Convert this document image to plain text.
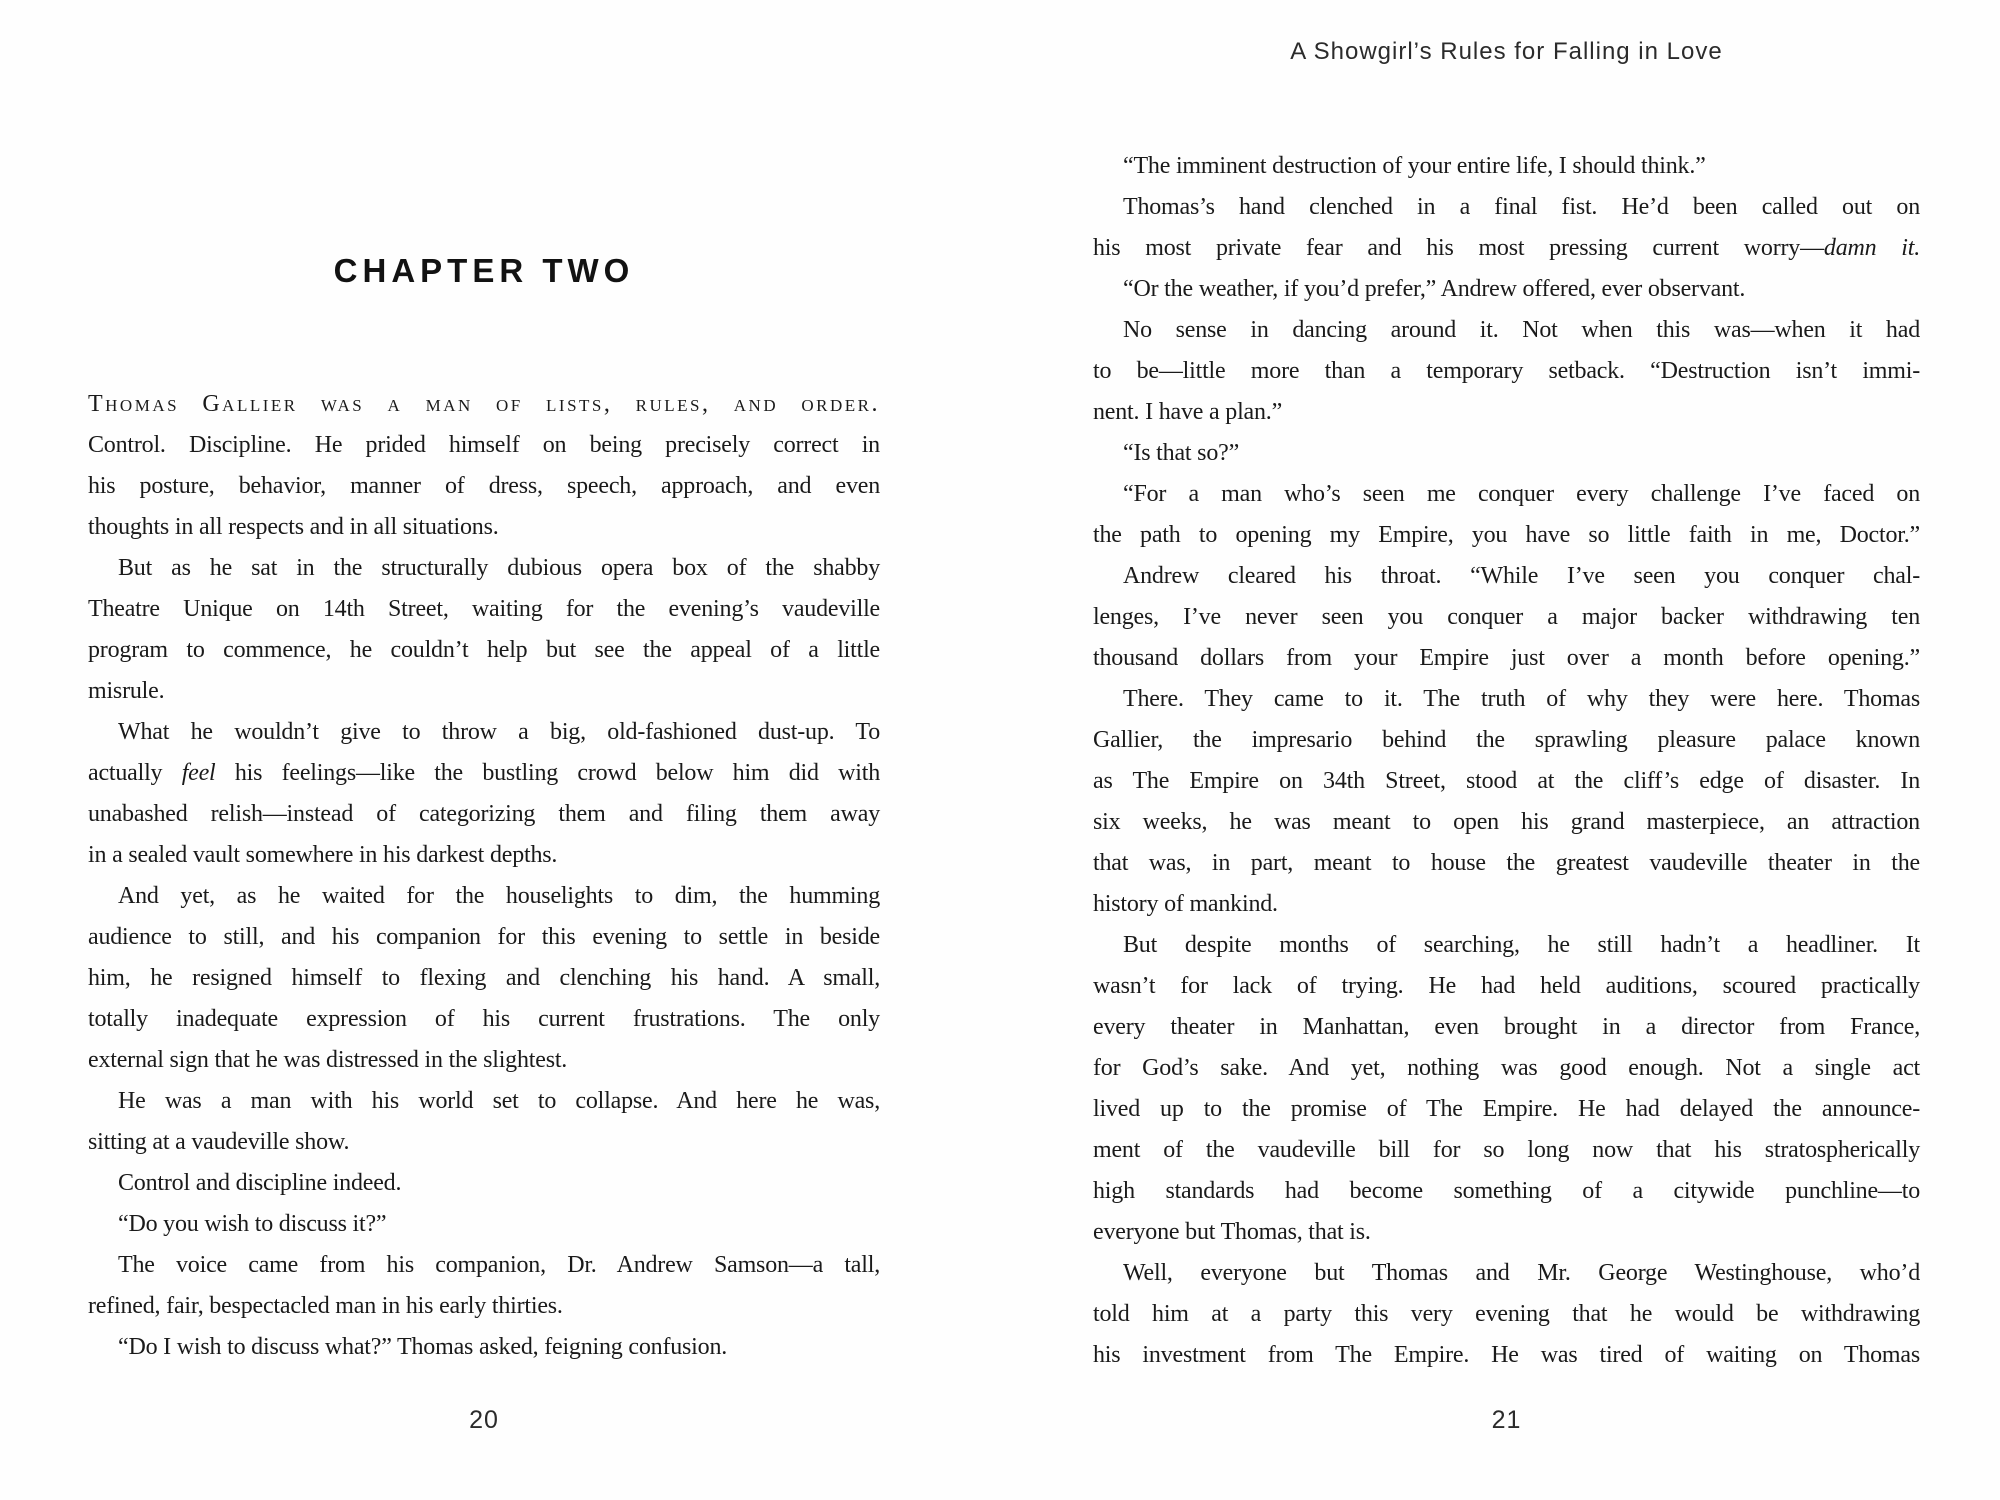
CHAPTER TWO
Thomas Gallier was a man of lists, rules, and order.
Control. Discipline. He prided himself on being precisely correct in
his posture, behavior, manner of dress, speech, approach, and even
thoughts in all respects and in all situations.
But as he sat in the structurally dubious opera box of the shabby
Theatre Unique on 14th Street, waiting for the evening’s vaudeville
program to commence, he couldn’t help but see the appeal of a little
misrule.
What he wouldn’t give to throw a big, old-fashioned dust-up. To
actually feel his feelings—like the bustling crowd below him did with
unabashed relish—instead of categorizing them and filing them away
in a sealed vault somewhere in his darkest depths.
And yet, as he waited for the houselights to dim, the humming
audience to still, and his companion for this evening to settle in beside
him, he resigned himself to flexing and clenching his hand. A small,
totally inadequate expression of his current frustrations. The only
external sign that he was distressed in the slightest.
He was a man with his world set to collapse. And here he was,
sitting at a vaudeville show.
Control and discipline indeed.
“Do you wish to discuss it?”
The voice came from his companion, Dr. Andrew Samson—a tall,
refined, fair, bespectacled man in his early thirties.
“Do I wish to discuss what?” Thomas asked, feigning confusion.
20
A Showgirl’s Rules for Falling in Love
“The imminent destruction of your entire life, I should think.”
Thomas’s hand clenched in a final fist. He’d been called out on
his most private fear and his most pressing current worry—damn it.
“Or the weather, if you’d prefer,” Andrew offered, ever observant.
No sense in dancing around it. Not when this was—when it had
to be—little more than a temporary setback. “Destruction isn’t immi-
nent. I have a plan.”
“Is that so?”
“For a man who’s seen me conquer every challenge I’ve faced on
the path to opening my Empire, you have so little faith in me, Doctor.”
Andrew cleared his throat. “While I’ve seen you conquer chal-
lenges, I’ve never seen you conquer a major backer withdrawing ten
thousand dollars from your Empire just over a month before opening.”
There. They came to it. The truth of why they were here. Thomas
Gallier, the impresario behind the sprawling pleasure palace known
as The Empire on 34th Street, stood at the cliff’s edge of disaster. In
six weeks, he was meant to open his grand masterpiece, an attraction
that was, in part, meant to house the greatest vaudeville theater in the
history of mankind.
But despite months of searching, he still hadn’t a headliner. It
wasn’t for lack of trying. He had held auditions, scoured practically
every theater in Manhattan, even brought in a director from France,
for God’s sake. And yet, nothing was good enough. Not a single act
lived up to the promise of The Empire. He had delayed the announce-
ment of the vaudeville bill for so long now that his stratospherically
high standards had become something of a citywide punchline—to
everyone but Thomas, that is.
Well, everyone but Thomas and Mr. George Westinghouse, who’d
told him at a party this very evening that he would be withdrawing
his investment from The Empire. He was tired of waiting on Thomas
21
